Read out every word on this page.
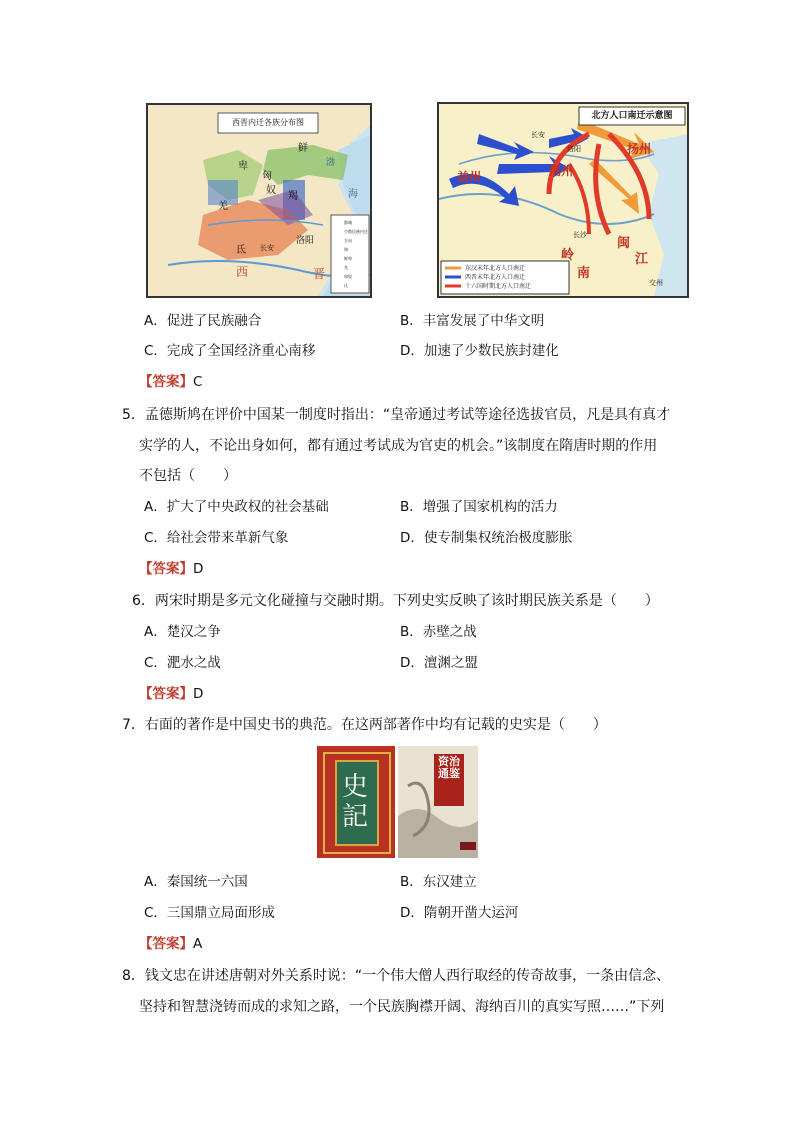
西晋内迁各族分布图
鲜
卑
匈
奴
羯
羌
氐
西	晋
长安
洛阳
海
渤
都城
少数民族内迁方向
羯
鲜卑
羌
匈奴
氐
北方人口南迁示意图
长安
洛阳
益州	荆州
扬州
长沙
岭
南
闽
江
交州
东汉末年北方人口南迁
西晋末年北方人口南迁
十六国时期北方人口南迁
A．促进了民族融合	B．丰富发展了中华文明
C．完成了全国经济重心南移	D．加速了少数民族封建化
【答案】C
5．孟德斯鸠在评价中国某一制度时指出：“皇帝通过考试等途径选拔官员，凡是具有真才
实学的人，不论出身如何，都有通过考试成为官吏的机会。”该制度在隋唐时期的作用
不包括（　　）
A．扩大了中央政权的社会基础	B．增强了国家机构的活力
C．给社会带来革新气象	D．使专制集权统治极度膨胀
【答案】D
6．两宋时期是多元文化碰撞与交融时期。下列史实反映了该时期民族关系是（　　）
A．楚汉之争	B．赤壁之战
C．淝水之战	D．澶渊之盟
【答案】D
7．右面的著作是中国史书的典范。在这两部著作中均有记载的史实是（　　）
史記
资治通鉴
A．秦国统一六国	B．东汉建立
C．三国鼎立局面形成	D．隋朝开凿大运河
【答案】A
8．钱文忠在讲述唐朝对外关系时说：“一个伟大僧人西行取经的传奇故事，一条由信念、
坚持和智慧浇铸而成的求知之路，一个民族胸襟开阔、海纳百川的真实写照……”下列
